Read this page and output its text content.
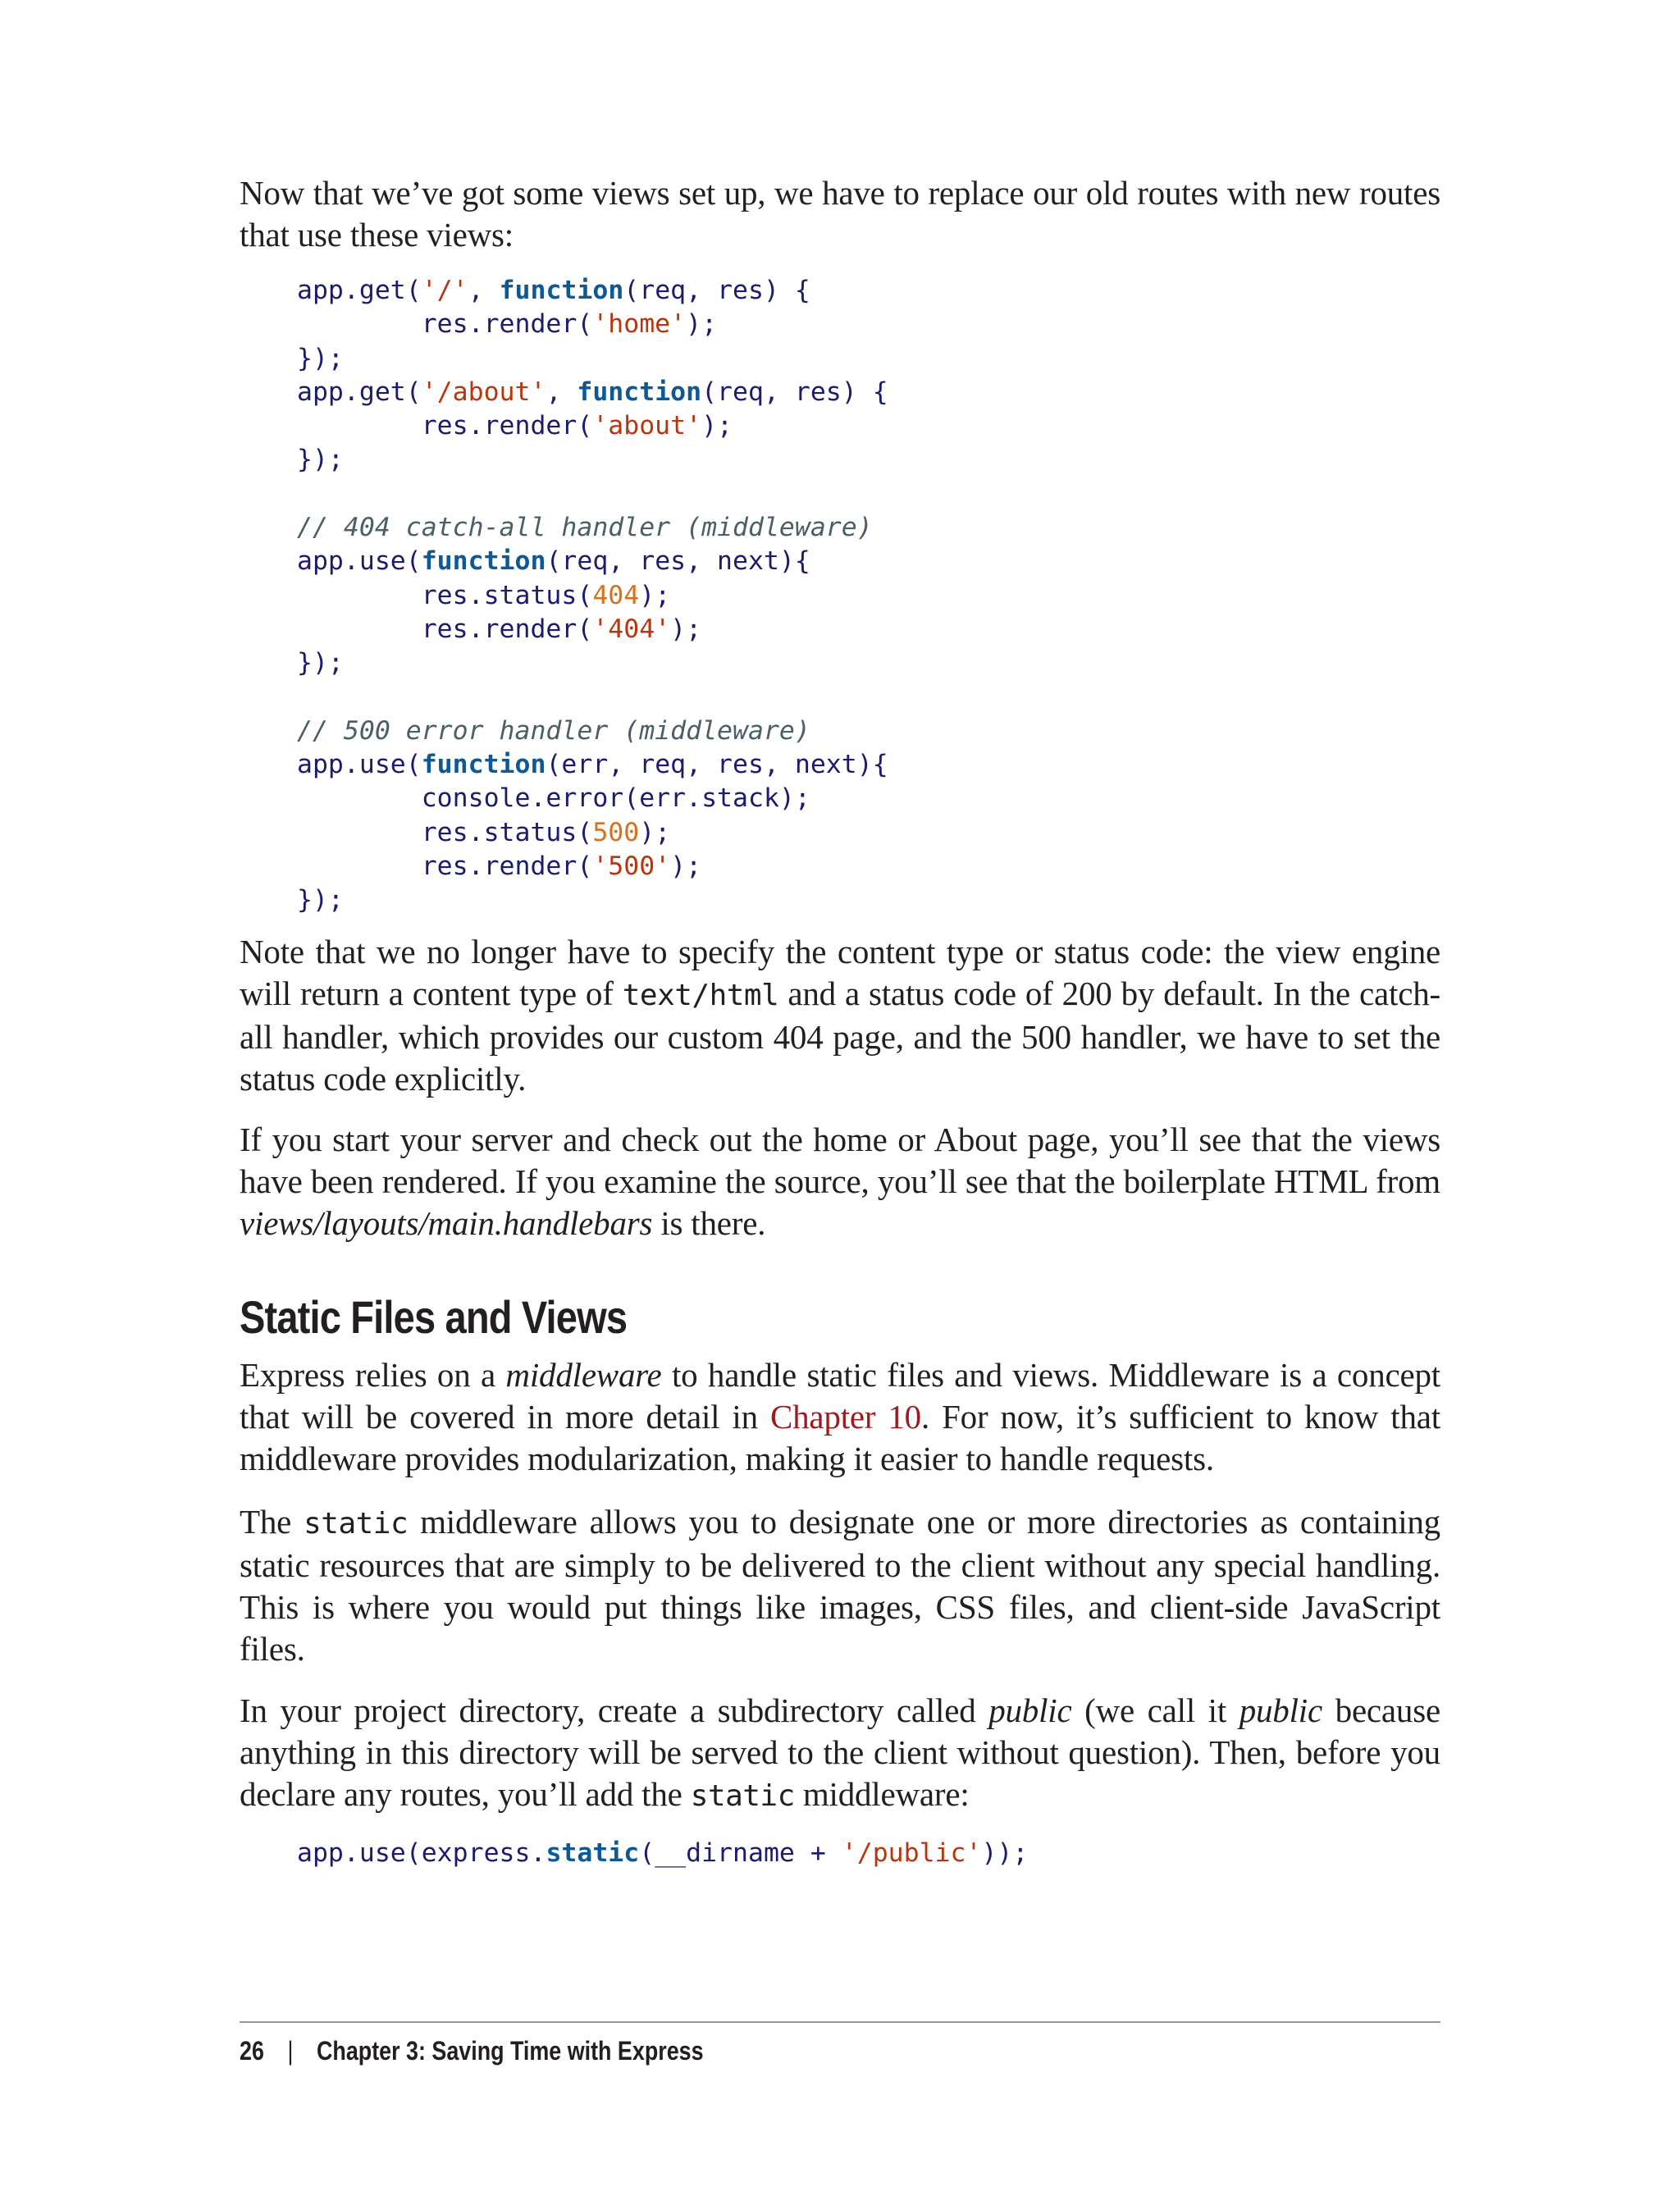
Now that we’ve got some views set up, we have to replace our old routes with new routes that use these views:

app.get('/', function(req, res) {
res.render('home');
});
app.get('/about', function(req, res) {
res.render('about');
});

// 404 catch-all handler (middleware)
app.use(function(req, res, next){
res.status(404);
res.render('404');
});

// 500 error handler (middleware)
app.use(function(err, req, res, next){
console.error(err.stack);
res.status(500);
res.render('500');
});

Note that we no longer have to specify the content type or status code: the view engine will return a content type of text/html and a status code of 200 by default. In the catch-all handler, which provides our custom 404 page, and the 500 handler, we have to set the status code explicitly.

If you start your server and check out the home or About page, you’ll see that the views have been rendered. If you examine the source, you’ll see that the boilerplate HTML from views/layouts/main.handlebars is there.

Static Files and Views

Express relies on a middleware to handle static files and views. Middleware is a concept that will be covered in more detail in Chapter 10. For now, it’s sufficient to know that middleware provides modularization, making it easier to handle requests.

The static middleware allows you to designate one or more directories as containing static resources that are simply to be delivered to the client without any special handling. This is where you would put things like images, CSS files, and client-side JavaScript files.

In your project directory, create a subdirectory called public (we call it public because anything in this directory will be served to the client without question). Then, before you declare any routes, you’ll add the static middleware:

app.use(express.static(__dirname + '/public'));
26 | Chapter 3: Saving Time with Express
